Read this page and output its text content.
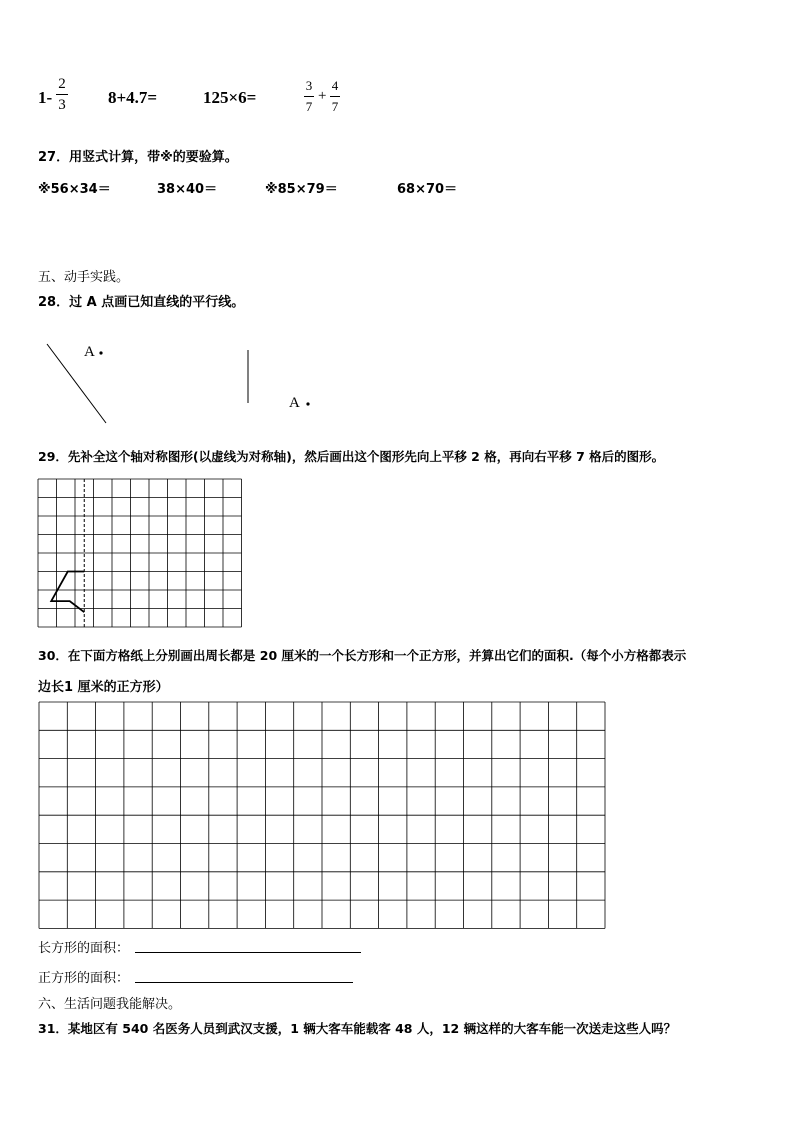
1-
2
3 8+4.7=	125×6=
3
7
+
4
7
27．用竖式计算，带※的要验算。
※56×34＝	38×40＝	※85×79＝	68×70＝
五、动手实践。
28．过 A 点画已知直线的平行线。
A
A
29．先补全这个轴对称图形(以虚线为对称轴)，然后画出这个图形先向上平移 2 格，再向右平移 7 格后的图形。
30．在下面方格纸上分别画出周长都是 20 厘米的一个长方形和一个正方形，并算出它们的面积.（每个小方格都表示
边长1 厘米的正方形）
长方形的面积：
正方形的面积：
六、生活问题我能解决。
31．某地区有 540 名医务人员到武汉支援，1 辆大客车能载客 48 人，12 辆这样的大客车能一次送走这些人吗？
